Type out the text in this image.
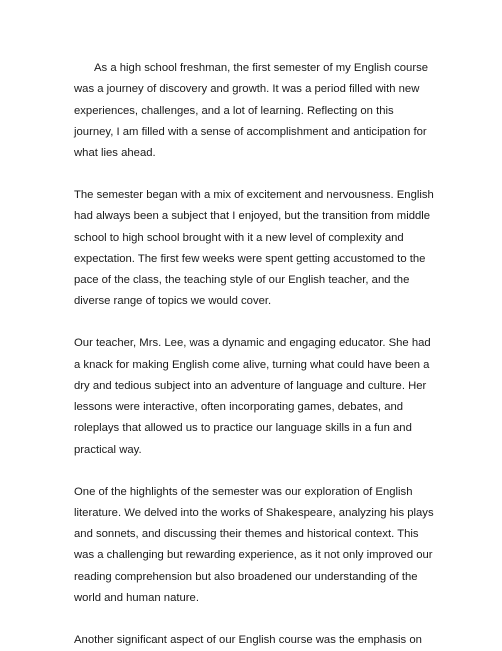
As a high school freshman, the first semester of my English course was a journey of discovery and growth. It was a period filled with new experiences, challenges, and a lot of learning. Reflecting on this journey, I am filled with a sense of accomplishment and anticipation for what lies ahead.

The semester began with a mix of excitement and nervousness. English had always been a subject that I enjoyed, but the transition from middle school to high school brought with it a new level of complexity and expectation. The first few weeks were spent getting accustomed to the pace of the class, the teaching style of our English teacher, and the diverse range of topics we would cover.

Our teacher, Mrs. Lee, was a dynamic and engaging educator. She had a knack for making English come alive, turning what could have been a dry and tedious subject into an adventure of language and culture. Her lessons were interactive, often incorporating games, debates, and roleplays that allowed us to practice our language skills in a fun and practical way.

One of the highlights of the semester was our exploration of English literature. We delved into the works of Shakespeare, analyzing his plays and sonnets, and discussing their themes and historical context. This was a challenging but rewarding experience, as it not only improved our reading comprehension but also broadened our understanding of the world and human nature.

Another significant aspect of our English course was the emphasis on
